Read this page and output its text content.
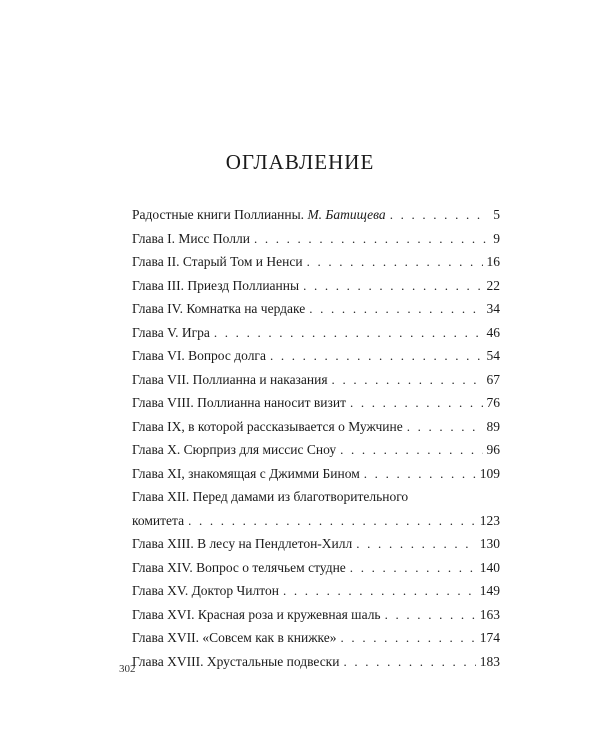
ОГЛАВЛЕНИЕ
Радостные книги Поллианны. М. Батищева . . .	5
Глава I. Мисс Полли . . .	9
Глава II. Старый Том и Ненси . . .	16
Глава III. Приезд Поллианны . . .	22
Глава IV. Комнатка на чердаке . . .	34
Глава V. Игра . . .	46
Глава VI. Вопрос долга . . .	54
Глава VII. Поллианна и наказания . . .	67
Глава VIII. Поллианна наносит визит . . .	76
Глава IX, в которой рассказывается о Мужчине . . .	89
Глава X. Сюрприз для миссис Сноу . . .	96
Глава XI, знакомящая с Джимми Бином . . .	109
Глава XII. Перед дамами из благотворительного
комитета . . .	123
Глава XIII. В лесу на Пендлетон-Хилл . . .	130
Глава XIV. Вопрос о телячьем студне . . .	140
Глава XV. Доктор Чилтон . . .	149
Глава XVI. Красная роза и кружевная шаль . . .	163
Глава XVII. «Совсем как в книжке» . . .	174
Глава XVIII. Хрустальные подвески . . .	183
302
